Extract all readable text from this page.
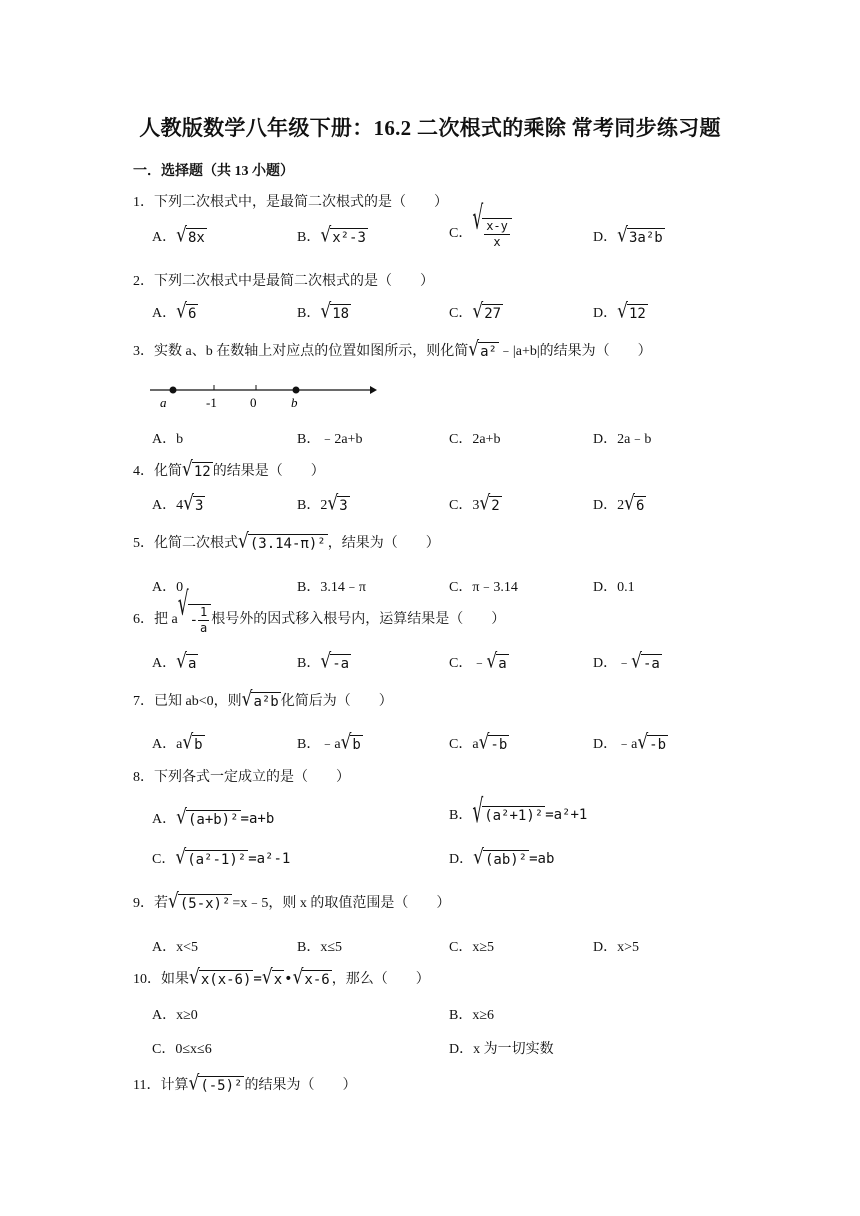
人教版数学八年级下册：16.2 二次根式的乘除 常考同步练习题
一．选择题（共 13 小题）
1．下列二次根式中，是最简二次根式的是（　　）
A． √ 8x	B． √ x²-3	C． √ $\frac{x-y}{x}$	D． √ 3a²b
2．下列二次根式中是最简二次根式的是（　　）
A． √ 6	B． √ 18	C． √ 27	D． √ 12
3．实数 a、b 在数轴上对应点的位置如图所示，则化简 √ a² ﹣|a+b|的结果为（　　）
a	-1	0	b
A．b	B．﹣2a+b	C．2a+b	D．2a﹣b
4．化简 √ 12 的结果是（　　）
A．4 √ 3	B．2 √ 3	C．3 √ 2	D．2 √ 6
5．化简二次根式 √ (3.14-π)² ，结果为（　　）
A．0	B．3.14﹣π	C．π﹣3.14	D．0.1
6．把 a √ - $\frac{1}{a}$ 根号外的因式移入根号内，运算结果是（　　）
A． √ a	B． √ -a	C．﹣ √ a	D．﹣ √ -a
7．已知 ab<0，则 √ a²b 化简后为（　　）
A．a √ b	B．﹣a √ b	C．a √ -b	D．﹣a √ -b
8．下列各式一定成立的是（　　）
A． √ (a+b)² =a+b	B． √ (a²+1)² =a²+1
C． √ (a²-1)² =a²-1	D． √ (ab)² =ab
9．若 √ (5-x)² =x﹣5，则 x 的取值范围是（　　）
A．x<5	B．x≤5	C．x≥5	D．x>5
10．如果 √ x(x-6) = √ x • √ x-6 ，那么（　　）
A．x≥0	B．x≥6
C．0≤x≤6	D．x 为一切实数
11．计算 √ (-5)² 的结果为（　　）
